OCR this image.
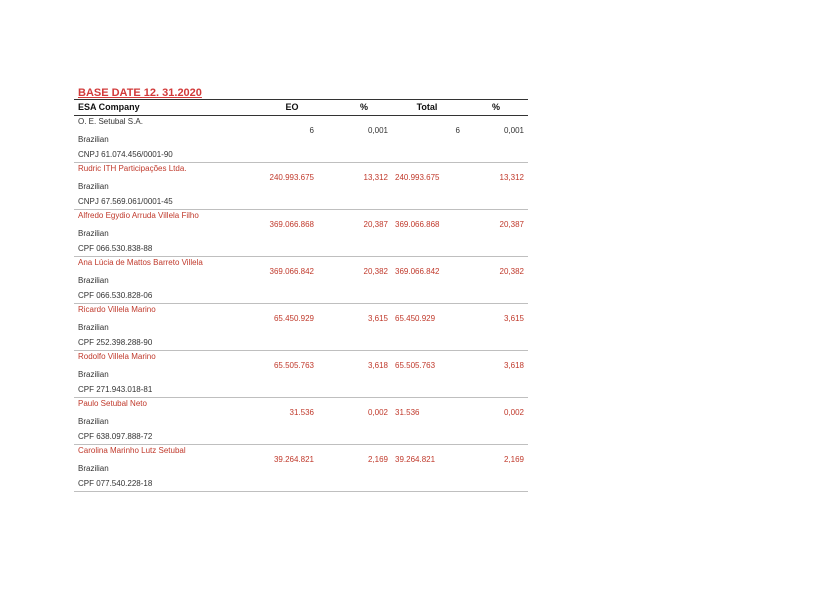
BASE DATE 12. 31.2020
ESA Company	EO	%	Total	%
O. E. Setubal S.A.
Brazilian
CNPJ 61.074.456/0001-90
6	0,001	6	0,001
Rudric ITH Participações Ltda.
Brazilian
CNPJ 67.569.061/0001-45
240.993.675	13,312 240.993.675	13,312
Alfredo Egydio Arruda Villela Filho
Brazilian
CPF 066.530.838-88
369.066.868	20,387 369.066.868	20,387
Ana Lúcia de Mattos Barreto Villela
Brazilian
CPF 066.530.828-06
369.066.842	20,382 369.066.842	20,382
Ricardo Villela Marino
Brazilian
CPF 252.398.288-90
65.450.929	3,615 65.450.929	3,615
Rodolfo Villela Marino
Brazilian
CPF 271.943.018-81
65.505.763	3,618 65.505.763	3,618
Paulo Setubal Neto
Brazilian
CPF 638.097.888-72
31.536	0,002 31.536	0,002
Carolina Marinho Lutz Setubal
Brazilian
CPF 077.540.228-18
39.264.821	2,169 39.264.821	2,169
